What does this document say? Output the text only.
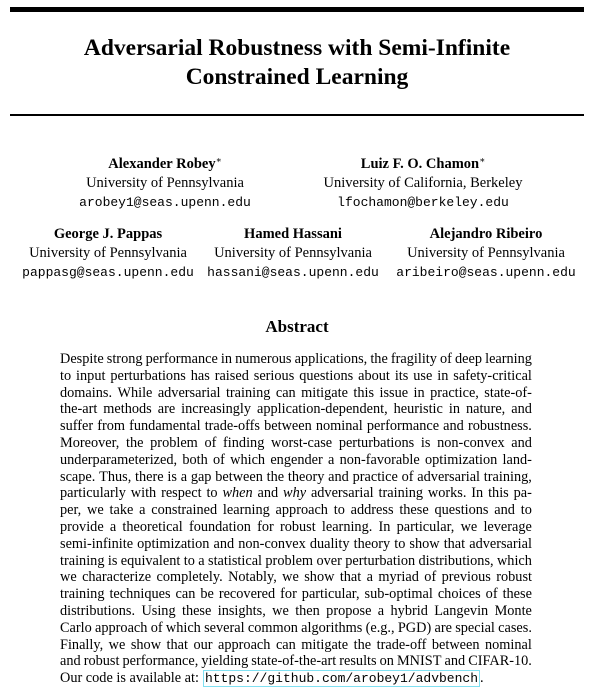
Adversarial Robustness with Semi-Infinite
Constrained Learning
Alexander Robey∗
University of Pennsylvania
arobey1@seas.upenn.edu
Luiz F. O. Chamon∗
University of California, Berkeley
lfochamon@berkeley.edu
George J. Pappas
University of Pennsylvania
pappasg@seas.upenn.edu
Hamed Hassani
University of Pennsylvania
hassani@seas.upenn.edu
Alejandro Ribeiro
University of Pennsylvania
aribeiro@seas.upenn.edu
Abstract
Despite strong performance in numerous applications, the fragility of deep learning
to input perturbations has raised serious questions about its use in safety-critical
domains. While adversarial training can mitigate this issue in practice, state-of-
the-art methods are increasingly application-dependent, heuristic in nature, and
suffer from fundamental trade-offs between nominal performance and robustness.
Moreover, the problem of finding worst-case perturbations is non-convex and
underparameterized, both of which engender a non-favorable optimization land-
scape. Thus, there is a gap between the theory and practice of adversarial training,
particularly with respect to when and why adversarial training works. In this pa-
per, we take a constrained learning approach to address these questions and to
provide a theoretical foundation for robust learning. In particular, we leverage
semi-infinite optimization and non-convex duality theory to show that adversarial
training is equivalent to a statistical problem over perturbation distributions, which
we characterize completely. Notably, we show that a myriad of previous robust
training techniques can be recovered for particular, sub-optimal choices of these
distributions. Using these insights, we then propose a hybrid Langevin Monte
Carlo approach of which several common algorithms (e.g., PGD) are special cases.
Finally, we show that our approach can mitigate the trade-off between nominal
and robust performance, yielding state-of-the-art results on MNIST and CIFAR-10.
Our code is available at: https://github.com/arobey1/advbench .
